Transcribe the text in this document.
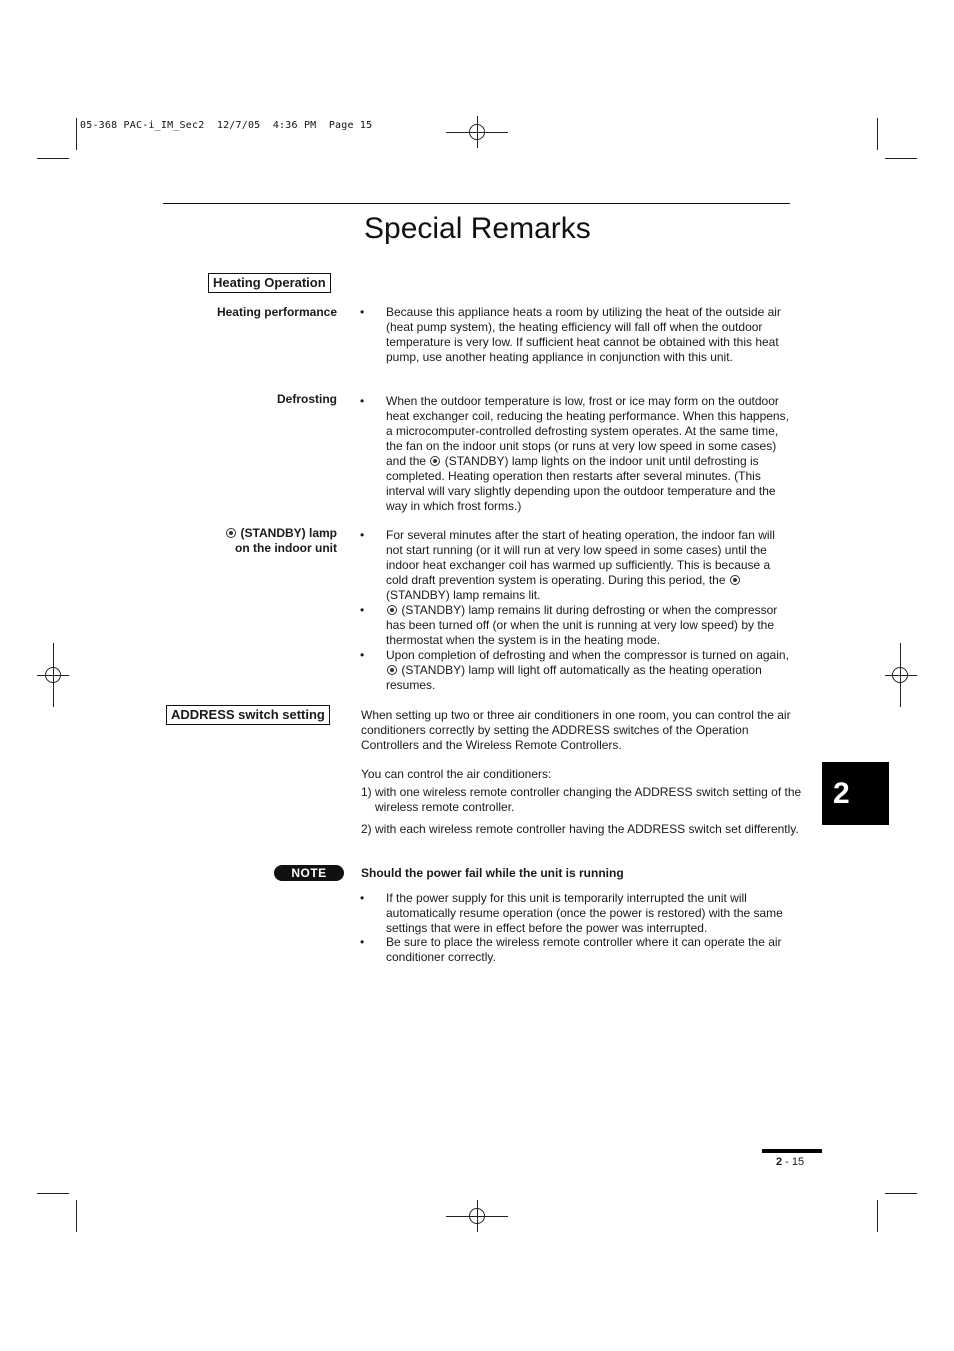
05-368 PAC-i_IM_Sec2  12/7/05  4:36 PM  Page 15
Special Remarks
Heating Operation
Heating performance • Because this appliance heats a room by utilizing the heat of the outside air (heat pump system), the heating efficiency will fall off when the outdoor temperature is very low. If sufficient heat cannot be obtained with this heat pump, use another heating appliance in conjunction with this unit.
Defrosting • When the outdoor temperature is low, frost or ice may form on the outdoor heat exchanger coil, reducing the heating performance. When this happens, a microcomputer-controlled defrosting system operates. At the same time, the fan on the indoor unit stops (or runs at very low speed in some cases) and the (STANDBY) lamp lights on the indoor unit until defrosting is completed. Heating operation then restarts after several minutes. (This interval will vary slightly depending upon the outdoor temperature and the way in which frost forms.)
(STANDBY) lamp
on the indoor unit
• For several minutes after the start of heating operation, the indoor fan will not start running (or it will run at very low speed in some cases) until the indoor heat exchanger coil has warmed up sufficiently. This is because a cold draft prevention system is operating. During this period, the  (STANDBY) lamp remains lit.
•	(STANDBY) lamp remains lit during defrosting or when the compressor has been turned off (or when the unit is running at very low speed) by the thermostat when the system is in the heating mode.
• Upon completion of defrosting and when the compressor is turned on again,  (STANDBY) lamp will light off automatically as the heating operation resumes.
ADDRESS switch setting	When setting up two or three air conditioners in one room, you can control the air conditioners correctly by setting the ADDRESS switches of the Operation Controllers and the Wireless Remote Controllers.
You can control the air conditioners:
1) with one wireless remote controller changing the ADDRESS switch setting of the wireless remote controller.
2) with each wireless remote controller having the ADDRESS switch set differently.
NOTE	Should the power fail while the unit is running
• If the power supply for this unit is temporarily interrupted the unit will automatically resume operation (once the power is restored) with the same settings that were in effect before the power was interrupted.
• Be sure to place the wireless remote controller where it can operate the air conditioner correctly.
2
2 - 15
